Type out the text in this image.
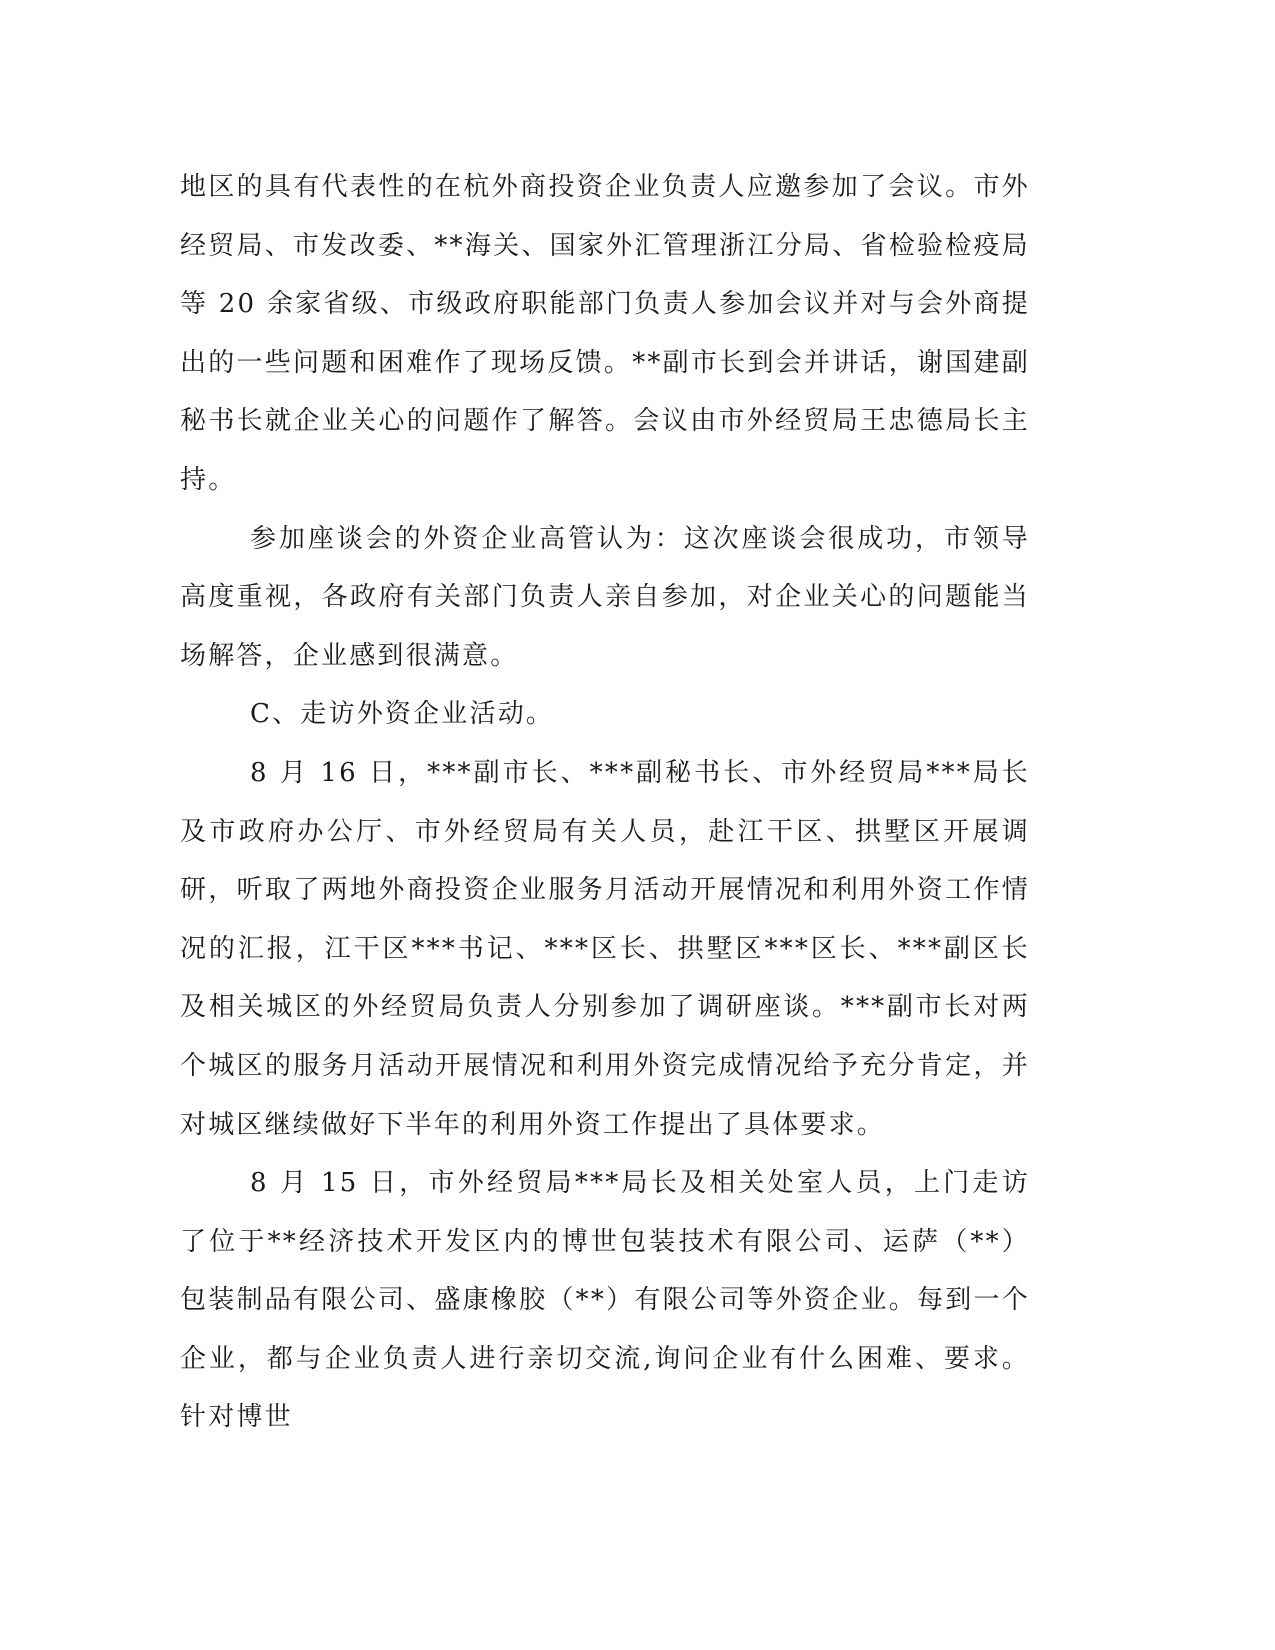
地区的具有代表性的在杭外商投资企业负责人应邀参加了会议。市外经贸局、市发改委、**海关、国家外汇管理浙江分局、省检验检疫局等 20 余家省级、市级政府职能部门负责人参加会议并对与会外商提出的一些问题和困难作了现场反馈。**副市长到会并讲话，谢国建副秘书长就企业关心的问题作了解答。会议由市外经贸局王忠德局长主持。

参加座谈会的外资企业高管认为：这次座谈会很成功，市领导高度重视，各政府有关部门负责人亲自参加，对企业关心的问题能当场解答，企业感到很满意。

C、走访外资企业活动。

8 月 16 日，***副市长、***副秘书长、市外经贸局***局长及市政府办公厅、市外经贸局有关人员，赴江干区、拱墅区开展调研，听取了两地外商投资企业服务月活动开展情况和利用外资工作情况的汇报，江干区***书记、***区长、拱墅区***区长、***副区长及相关城区的外经贸局负责人分别参加了调研座谈。***副市长对两个城区的服务月活动开展情况和利用外资完成情况给予充分肯定，并对城区继续做好下半年的利用外资工作提出了具体要求。

8 月 15 日，市外经贸局***局长及相关处室人员，上门走访了位于**经济技术开发区内的博世包装技术有限公司、运萨（**）包装制品有限公司、盛康橡胶（**）有限公司等外资企业。每到一个企业，都与企业负责人进行亲切交流,询问企业有什么困难、要求。针对博世
